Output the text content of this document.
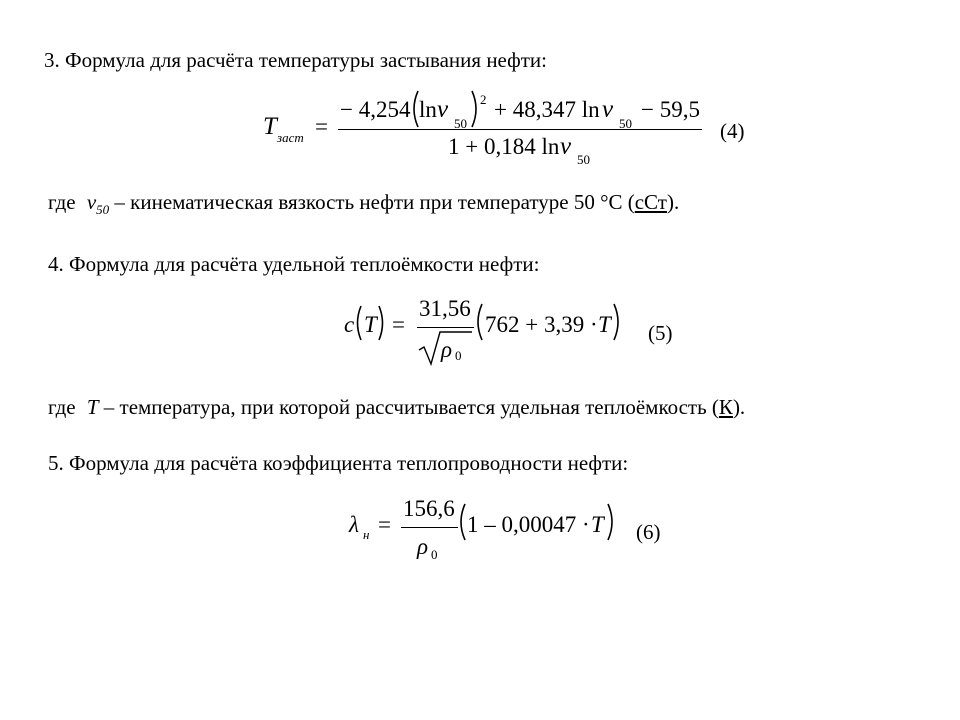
3. Формула для расчёта температуры застывания нефти:
T заст =
− 4,254 ln ν
50
2 + 48,347 ln ν
50
− 59,5
1 + 0,184 ln ν 50
(4)
где $\nu_{50}$ – кинематическая вязкость нефти при температуре 50 °С (сСт).
4. Формула для расчёта удельной теплоёмкости нефти:
c T =
31,56
ρ 0
762 + 3,39 · T (5)
где T – температура, при которой рассчитывается удельная теплоёмкость (К).
5. Формула для расчёта коэффициента теплопроводности нефти:
λ н =
156,6
ρ 0
1 – 0,00047 · T (6)
